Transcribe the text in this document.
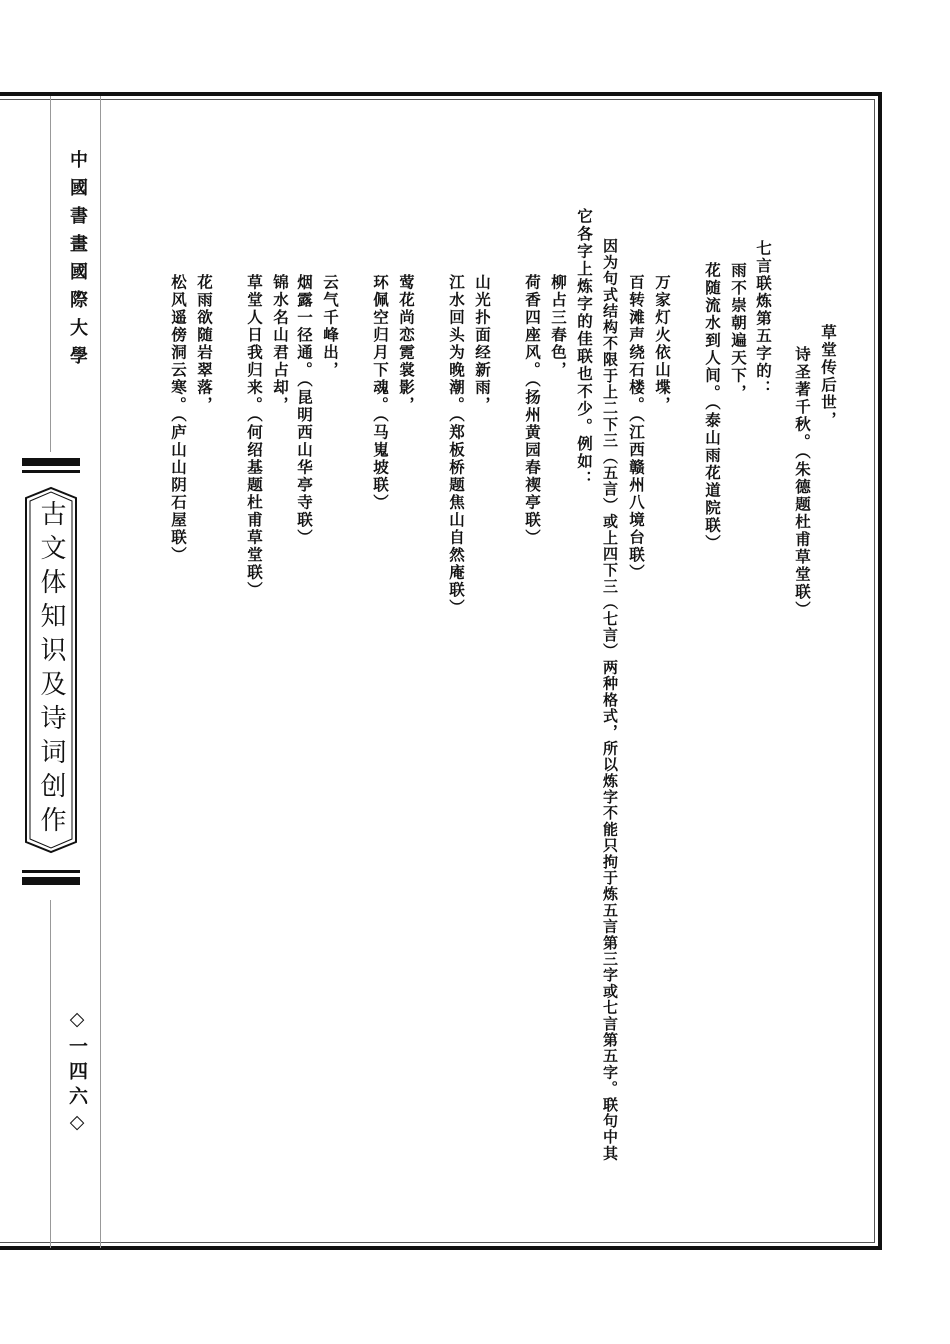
中國書畫國際大學
古文体知识及诗词创作
◇一四六◇
草堂传后世，
诗圣著千秋。（朱德题杜甫草堂联）
七言联炼第五字的：
雨不崇朝遍天下，
花随流水到人间。（泰山雨花道院联）
万家灯火依山堞，
百转滩声绕石楼。（江西赣州八境台联）
因为句式结构不限于上二下三（五言）或上四下三（七言）两种格式，所以炼字不能只拘于炼五言第三字或七言第五字。联句中其
它各字上炼字的佳联也不少。例如：
柳占三春色，
荷香四座风。（扬州黄园春禊亭联）
山光扑面经新雨，
江水回头为晚潮。（郑板桥题焦山自然庵联）
莺花尚恋霓裳影，
环佩空归月下魂。（马嵬坡联）
云气千峰出，
烟露一径通。（昆明西山华亭寺联）
锦水名山君占却，
草堂人日我归来。（何绍基题杜甫草堂联）
花雨欲随岩翠落，
松风遥傍洞云寒。（庐山山阴石屋联）
